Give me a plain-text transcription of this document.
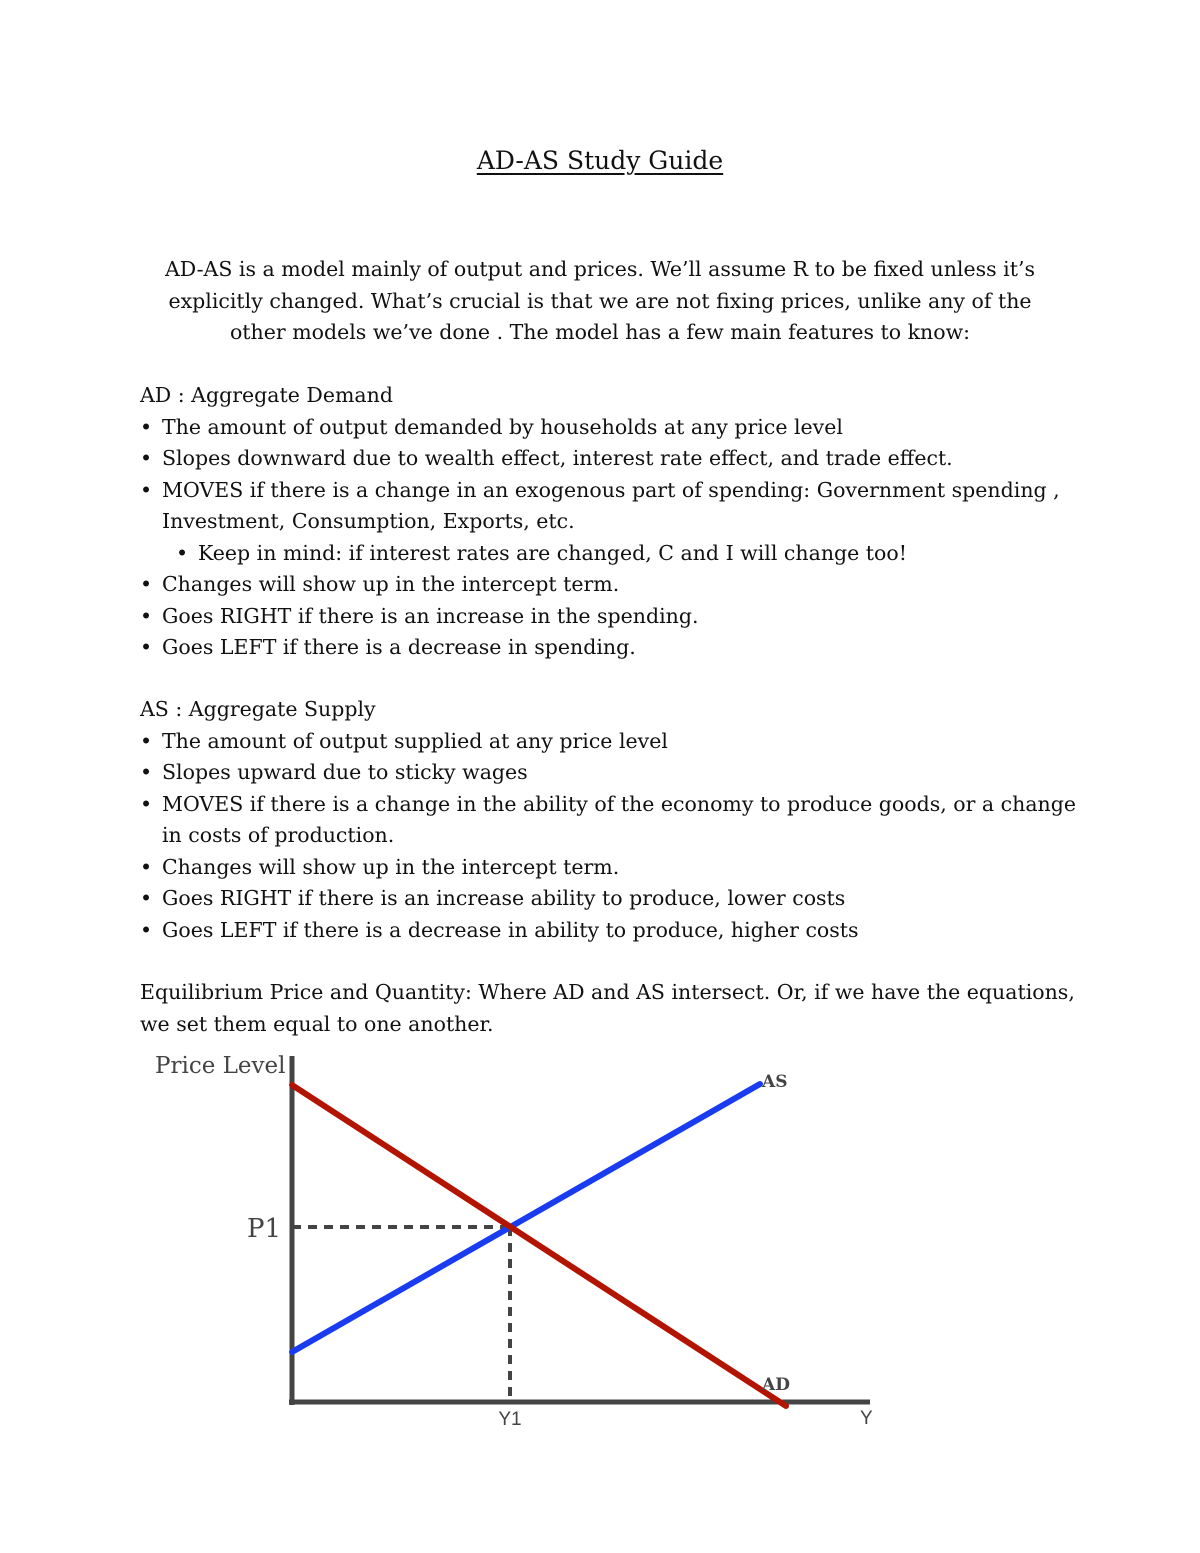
AD-AS Study Guide
AD-AS is a model mainly of output and prices. We’ll assume R to be fixed unless it’s
explicitly changed. What’s crucial is that we are not fixing prices, unlike any of the
other models we’ve done . The model has a few main features to know:
AD : Aggregate Demand
• The amount of output demanded by households at any price level
• Slopes downward due to wealth effect, interest rate effect, and trade effect.
• MOVES if there is a change in an exogenous part of spending: Government spending , Investment, Consumption, Exports, etc.
• Keep in mind: if interest rates are changed, C and I will change too!
• Changes will show up in the intercept term.
• Goes RIGHT if there is an increase in the spending.
• Goes LEFT if there is a decrease in spending.
AS : Aggregate Supply
• The amount of output supplied at any price level
• Slopes upward due to sticky wages
• MOVES if there is a change in the ability of the economy to produce goods, or a change in costs of production.
• Changes will show up in the intercept term.
• Goes RIGHT if there is an increase ability to produce, lower costs
• Goes LEFT if there is a decrease in ability to produce, higher costs
Equilibrium Price and Quantity: Where AD and AS intersect. Or, if we have the equations, we set them equal to one another.
Price Level
Y
Y1
P1
AS
AD
